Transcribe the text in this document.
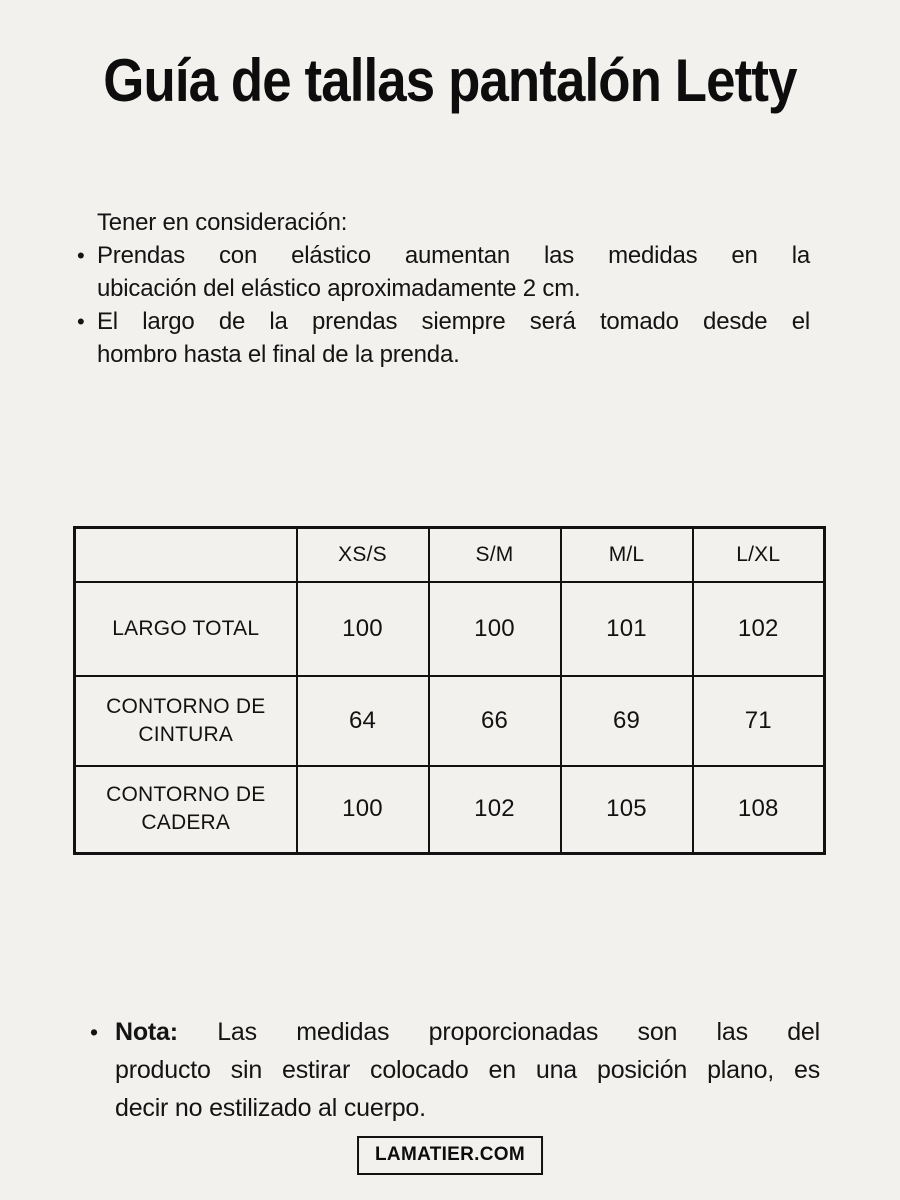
Guía de tallas pantalón Letty
Tener en consideración:
• Prendas con elástico aumentan las medidas en la
ubicación del elástico aproximadamente 2 cm.
• El largo de la prendas siempre será tomado desde el
hombro hasta el final de la prenda.
	XS/S	S/M	M/L	L/XL
LARGO TOTAL	100	100	101	102
CONTORNO DE CINTURA	64	66	69	71
CONTORNO DE CADERA	100	102	105	108
• Nota: Las medidas proporcionadas son las del
producto sin estirar colocado en una posición plano, es
decir no estilizado al cuerpo.
LAMATIER.COM
